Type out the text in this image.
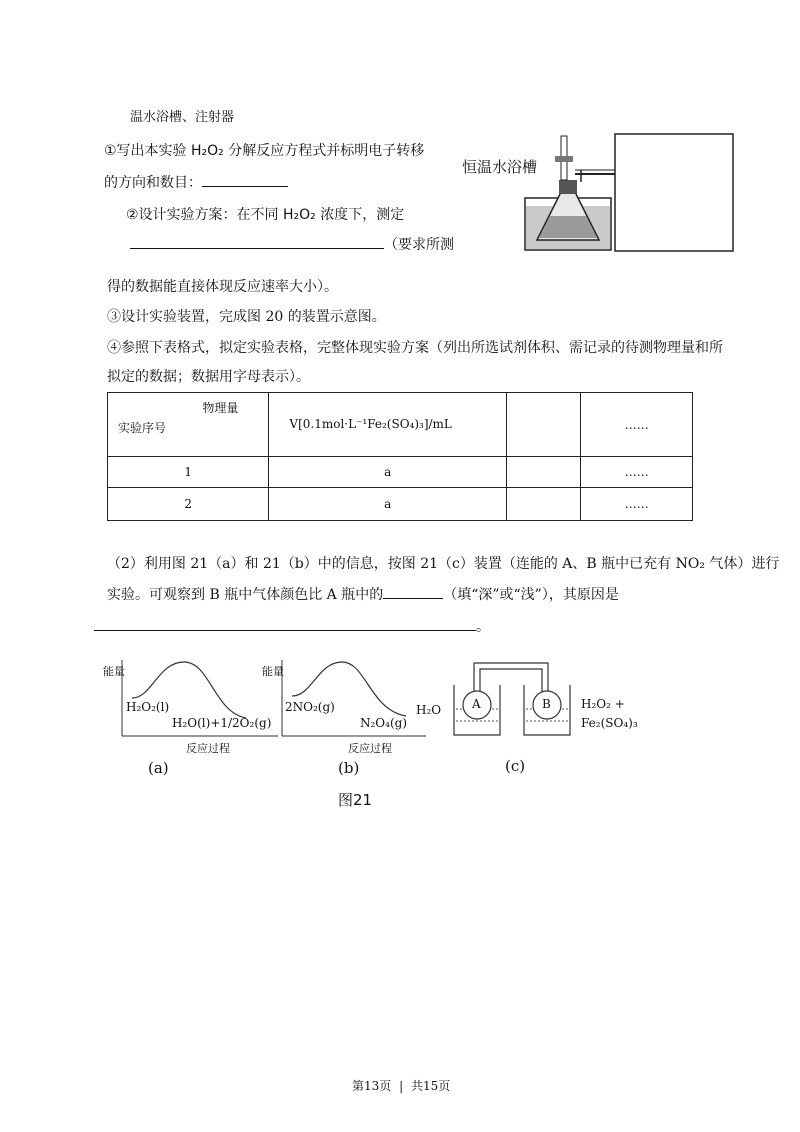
温水浴槽、注射器
①写出本实验 H₂O₂ 分解反应方程式并标明电子转移
的方向和数目：
②设计实验方案：在不同 H₂O₂ 浓度下，测定
（要求所测
恒温水浴槽
得的数据能直接体现反应速率大小）。
③设计实验装置，完成图 20 的装置示意图。
④参照下表格式，拟定实验表格，完整体现实验方案（列出所选试剂体积、需记录的待测物理量和所
拟定的数据；数据用字母表示）。
物理量
实验序号	V[0.1mol·L⁻¹Fe₂(SO₄)₃]/mL		……
1	a		……
2	a		……
（2）利用图 21（a）和 21（b）中的信息，按图 21（c）装置（连能的 A、B 瓶中已充有 NO₂ 气体）进行
实验。可观察到 B 瓶中气体颜色比 A 瓶中的	（填“深”或“浅”），其原因是
。
能量
H₂O₂(l)
H₂O(l)+1/2O₂(g)
反应过程
(a)
能量
2NO₂(g)
N₂O₄(g)
反应过程
(b)
A	B
H₂O	H₂O₂ +
Fe₂(SO₄)₃
(c)
图21
第13页 | 共15页
